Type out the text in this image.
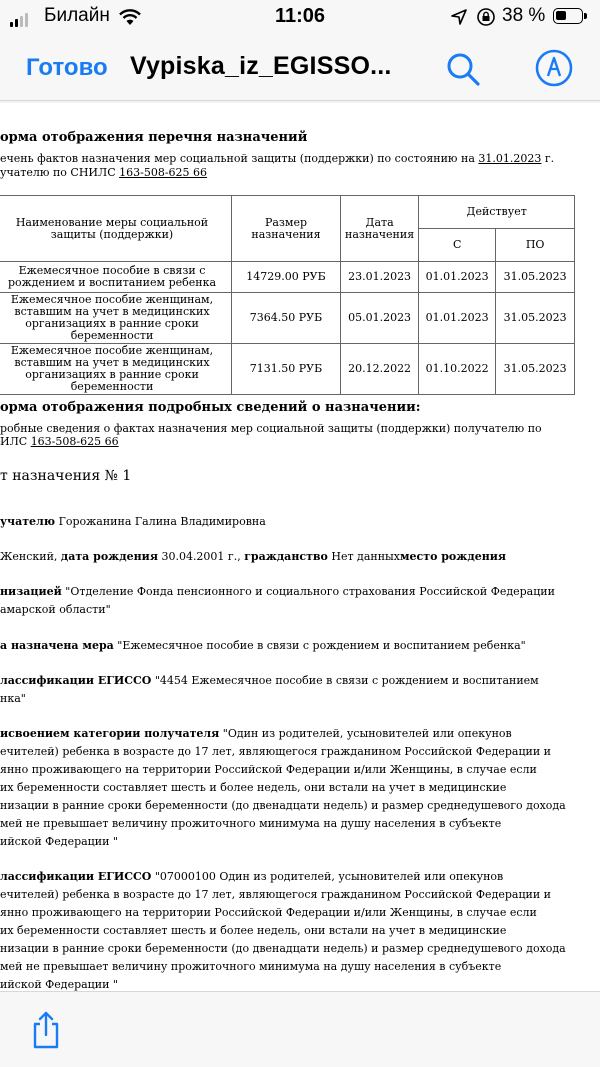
Билайн	11:06	38 %
Готово Vypiska_iz_EGISSO...
орма отображения перечня назначений
ечень фактов назначения мер социальной защиты (поддержки) по состоянию на 31.01.2023 г.
учателю по СНИЛС 163-508-625 66
Наименование меры социальной защиты (поддержки)	Размер назначения	Дата назначения	Действует	
			С	ПО
Ежемесячное пособие в связи с рождением и воспитанием ребенка	14729.00 РУБ	23.01.2023	01.01.2023	31.05.2023
Ежемесячное пособие женщинам, вставшим на учет в медицинских организациях в ранние сроки беременности	7364.50 РУБ	05.01.2023	01.01.2023	31.05.2023
Ежемесячное пособие женщинам, вставшим на учет в медицинских организациях в ранние сроки беременности	7131.50 РУБ	20.12.2022	01.10.2022	31.05.2023
орма отображения подробных сведений о назначении:
робные сведения о фактах назначения мер социальной защиты (поддержки) получателю по
ИЛС 163-508-625 66
т назначения № 1
учателю Горожанина Галина Владимировна
Женский, дата рождения 30.04.2001 г., гражданство Нет данныхместо рождения
низацией "Отделение Фонда пенсионного и социального страхования Российской Федерации
амарской области"
а назначена мера "Ежемесячное пособие в связи с рождением и воспитанием ребенка"
лассификации ЕГИССО "4454 Ежемесячное пособие в связи с рождением и воспитанием
нка"
исвоением категории получателя "Один из родителей, усыновителей или опекунов
ечителей) ребенка в возрасте до 17 лет, являющегося гражданином Российской Федерации и
янно проживающего на территории Российской Федерации и/или Женщины, в случае если
их беременности составляет шесть и более недель, они встали на учет в медицинские
низации в ранние сроки беременности (до двенадцати недель) и размер среднедушевого дохода
мей не превышает величину прожиточного минимума на душу населения в субъекте
ийской Федерации "
лассификации ЕГИССО "07000100 Один из родителей, усыновителей или опекунов
ечителей) ребенка в возрасте до 17 лет, являющегося гражданином Российской Федерации и
янно проживающего на территории Российской Федерации и/или Женщины, в случае если
их беременности составляет шесть и более недель, они встали на учет в медицинские
низации в ранние сроки беременности (до двенадцати недель) и размер среднедушевого дохода
мей не превышает величину прожиточного минимума на душу населения в субъекте
ийской Федерации "
